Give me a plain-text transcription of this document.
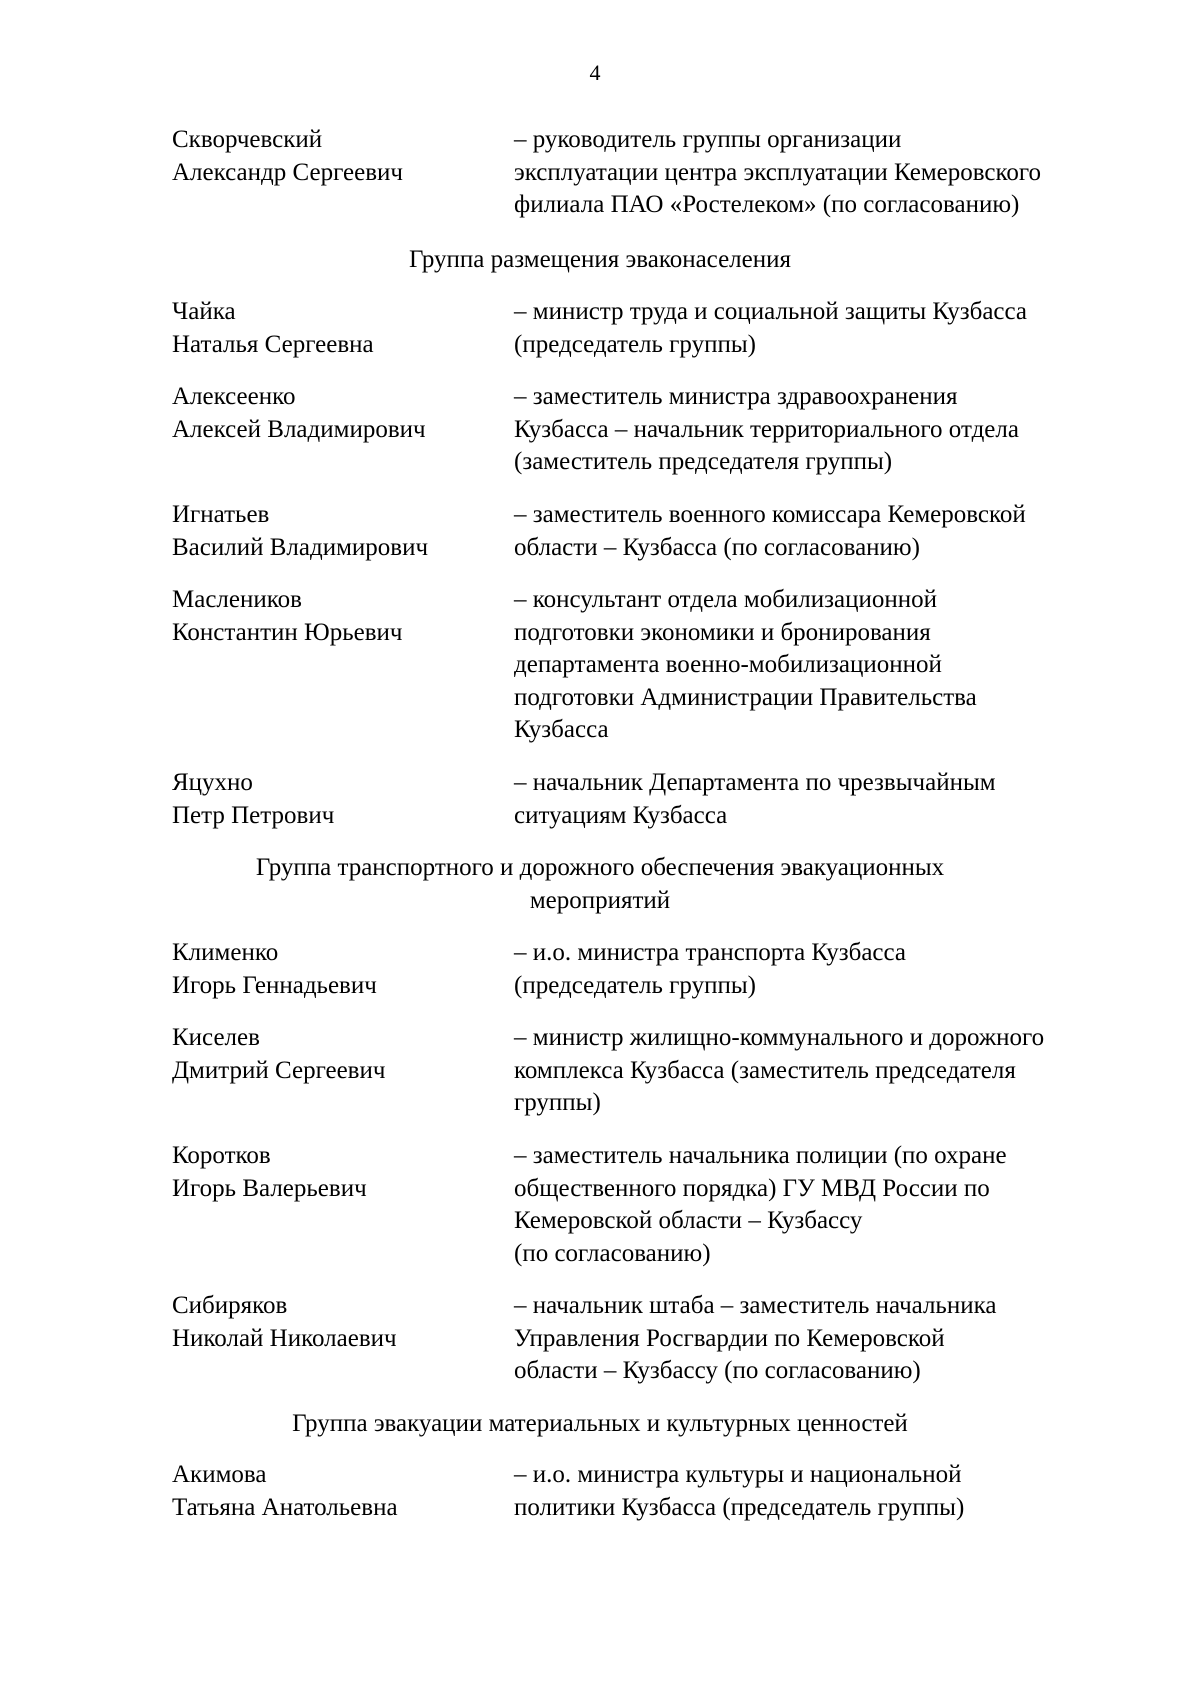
4
Скворчевский
Александр Сергеевич
– руководитель группы организации
эксплуатации центра эксплуатации Кемеровского
филиала ПАО «Ростелеком» (по согласованию)
Группа размещения эваконаселения
Чайка
Наталья Сергеевна
– министр труда и социальной защиты Кузбасса
(председатель группы)
Алексеенко
Алексей Владимирович
– заместитель министра здравоохранения
Кузбасса – начальник территориального отдела
(заместитель председателя группы)
Игнатьев
Василий Владимирович
– заместитель военного комиссара Кемеровской
области – Кузбасса (по согласованию)
Маслеников
Константин Юрьевич
– консультант отдела мобилизационной
подготовки экономики и бронирования
департамента военно-мобилизационной
подготовки Администрации Правительства
Кузбасса
Яцухно
Петр Петрович
– начальник Департамента по чрезвычайным
ситуациям Кузбасса
Группа транспортного и дорожного обеспечения эвакуационных
мероприятий
Клименко
Игорь Геннадьевич
– и.о. министра транспорта Кузбасса
(председатель группы)
Киселев
Дмитрий Сергеевич
– министр жилищно-коммунального и дорожного
комплекса Кузбасса (заместитель председателя
группы)
Коротков
Игорь Валерьевич
– заместитель начальника полиции (по охране
общественного порядка) ГУ МВД России по
Кемеровской области – Кузбассу
(по согласованию)
Сибиряков
Николай Николаевич
– начальник штаба – заместитель начальника
Управления Росгвардии по Кемеровской
области – Кузбассу (по согласованию)
Группа эвакуации материальных и культурных ценностей
Акимова
Татьяна Анатольевна
– и.о. министра культуры и национальной
политики Кузбасса (председатель группы)
